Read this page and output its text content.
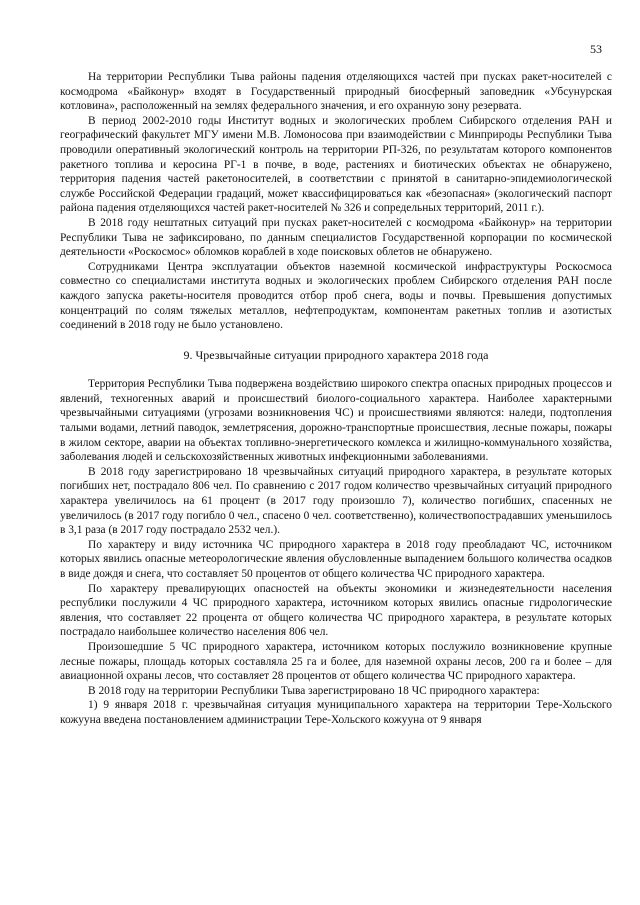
53

На территории Республики Тыва районы падения отделяющихся частей при пусках ракет-носителей с космодрома «Байконур» входят в Государственный природный биосферный заповедник «Убсунурская котловина», расположенный на землях федерального значения, и его охранную зону резервата.

В период 2002-2010 годы Институт водных и экологических проблем Сибирского отделения РАН и географический факультет МГУ имени М.В. Ломоносова при взаимодействии с Минприроды Республики Тыва проводили оперативный экологический контроль на территории РП-326, по результатам которого компонентов ракетного топлива и керосина РГ-1 в почве, в воде, растениях и биотических объектах не обнаружено, территория падения частей ракетоносителей, в соответствии с принятой в санитарно-эпидемиологической службе Российской Федерации градаций, может квассифицироваться как «безопасная» (экологический паспорт района падения отделяющихся частей ракет-носителей № 326 и сопредельных территорий, 2011 г.).

В 2018 году нештатных ситуаций при пусках ракет-носителей с космодрома «Байконур» на территории Республики Тыва не зафиксировано, по данным специалистов Государственной корпорации по космической деятельности «Роскосмос» обломков кораблей в ходе поисковых облетов не обнаружено.

Сотрудниками Центра эксплуатации объектов наземной космической инфраструктуры Роскосмоса совместно со специалистами института водных и экологических проблем Сибирского отделения РАН после каждого запуска ракеты-носителя проводится отбор проб снега, воды и почвы. Превышения допустимых концентраций по солям тяжелых металлов, нефтепродуктам, компонентам ракетных топлив и азотистых соединений в 2018 году не было установлено.

9. Чрезвычайные ситуации природного характера 2018 года

Территория Республики Тыва подвержена воздействию широкого спектра опасных природных процессов и явлений, техногенных аварий и происшествий биолого-социального характера. Наиболее характерными чрезвычайными ситуациями (угрозами возникновения ЧС) и происшествиями являются: наледи, подтопления талыми водами, летний паводок, землетрясения, дорожно-транспортные происшествия, лесные пожары, пожары в жилом секторе, аварии на объектах топливно-энергетического комлекса и жилищно-коммунального хозяйства, заболевания людей и сельскохозяйственных животных инфекционными заболеваниями.

В 2018 году зарегистрировано 18 чрезвычайных ситуаций природного характера, в результате которых погибших нет, пострадало 806 чел. По сравнению с 2017 годом количество чрезвычайных ситуаций природного характера увеличилось на 61 процент (в 2017 году произошло 7), количество погибших, спасенных не увеличилось (в 2017 году погибло 0 чел., спасено 0 чел. соответственно), количествопострадавших уменьшилось в 3,1 раза (в 2017 году пострадало 2532 чел.).

По характеру и виду источника ЧС природного характера в 2018 году преобладают ЧС, источником которых явились опасные метеорологические явления обусловленные выпадением большого количества осадков в виде дождя и снега, что составляет 50 процентов от общего количества ЧС природного характера.

По характеру превалирующих опасностей на объекты экономики и жизнедеятельности населения республики послужили 4 ЧС природного характера, источником которых явились опасные гидрологические явления, что составляет 22 процента от общего количества ЧС природного характера, в результате которых пострадало наибольшее количество населения 806 чел.

Произошедшие 5 ЧС природного характера, источником которых послужило возникновение крупные лесные пожары, площадь которых составляла 25 га и более, для наземной охраны лесов, 200 га и более – для авиационной охраны лесов, что составляет 28 процентов от общего количества ЧС природного характера.

В 2018 году на территории Республики Тыва зарегистрировано 18 ЧС природного характера:

1) 9 января 2018 г. чрезвычайная ситуация муниципального характера на территории Тере-Хольского кожууна введена постановлением администрации Тере-Хольского кожууна от 9 января
